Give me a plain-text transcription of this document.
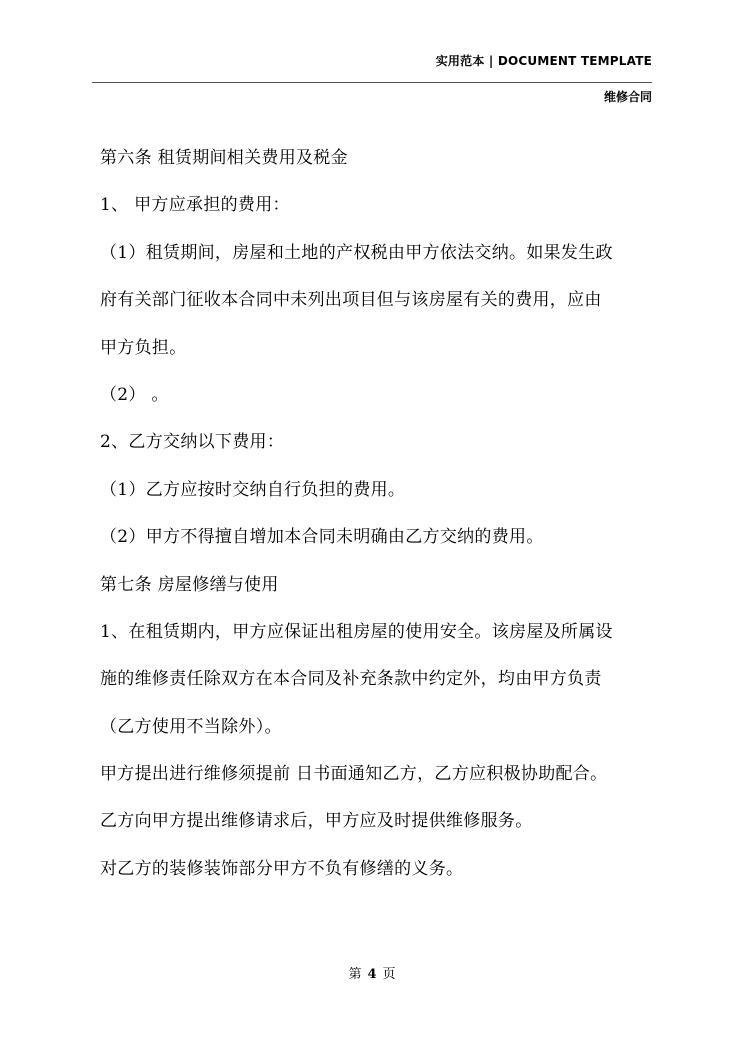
实用范本 | DOCUMENT TEMPLATE
维修合同
第六条 租赁期间相关费用及税金
1、 甲方应承担的费用：
（1）租赁期间，房屋和土地的产权税由甲方依法交纳。如果发生政
府有关部门征收本合同中未列出项目但与该房屋有关的费用，应由
甲方负担。
（2） 。
2、乙方交纳以下费用：
（1）乙方应按时交纳自行负担的费用。
（2）甲方不得擅自增加本合同未明确由乙方交纳的费用。
第七条 房屋修缮与使用
1、在租赁期内，甲方应保证出租房屋的使用安全。该房屋及所属设
施的维修责任除双方在本合同及补充条款中约定外，均由甲方负责
（乙方使用不当除外）。
甲方提出进行维修须提前 日书面通知乙方，乙方应积极协助配合。
乙方向甲方提出维修请求后，甲方应及时提供维修服务。
对乙方的装修装饰部分甲方不负有修缮的义务。
第 4 页
